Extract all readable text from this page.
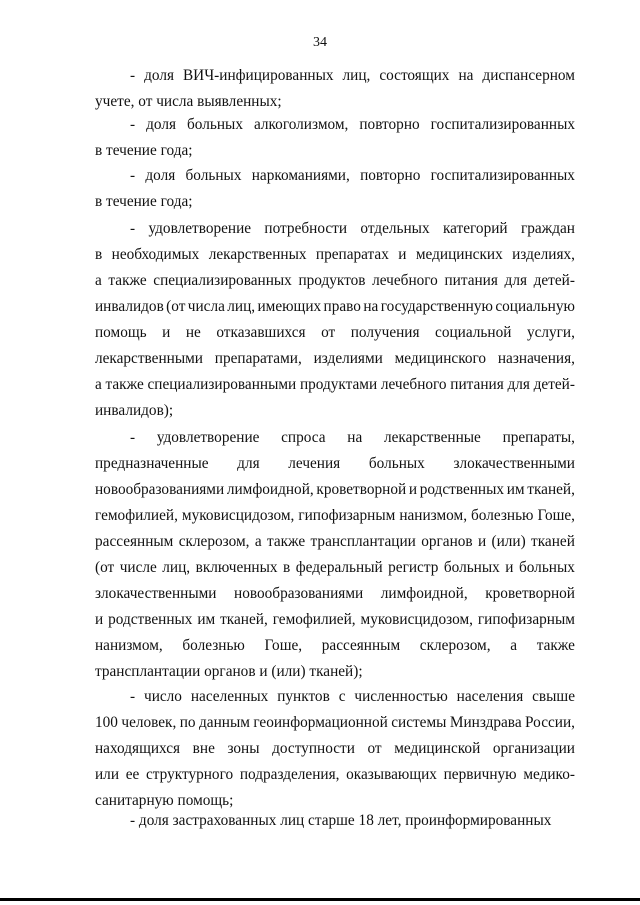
34
- доля ВИЧ-инфицированных лиц, состоящих на диспансерном
учете, от числа выявленных;
- доля больных алкоголизмом, повторно госпитализированных
в течение года;
- доля больных наркоманиями, повторно госпитализированных
в течение года;
- удовлетворение потребности отдельных категорий граждан
в необходимых лекарственных препаратах и медицинских изделиях,
а также специализированных продуктов лечебного питания для детей-
инвалидов (от числа лиц, имеющих право на государственную социальную
помощь и не отказавшихся от получения социальной услуги,
лекарственными препаратами, изделиями медицинского назначения,
а также специализированными продуктами лечебного питания для детей-
инвалидов);
- удовлетворение спроса на лекарственные препараты,
предназначенные для лечения больных злокачественными
новообразованиями лимфоидной, кроветворной и родственных им тканей,
гемофилией, муковисцидозом, гипофизарным нанизмом, болезнью Гоше,
рассеянным склерозом, а также трансплантации органов и (или) тканей
(от числе лиц, включенных в федеральный регистр больных и больных
злокачественными новообразованиями лимфоидной, кроветворной
и родственных им тканей, гемофилией, муковисцидозом, гипофизарным
нанизмом, болезнью Гоше, рассеянным склерозом, а также
трансплантации органов и (или) тканей);
- число населенных пунктов с численностью населения свыше
100 человек, по данным геоинформационной системы Минздрава России,
находящихся вне зоны доступности от медицинской организации
или ее структурного подразделения, оказывающих первичную медико-
санитарную помощь;
- доля застрахованных лиц старше 18 лет, проинформированных
